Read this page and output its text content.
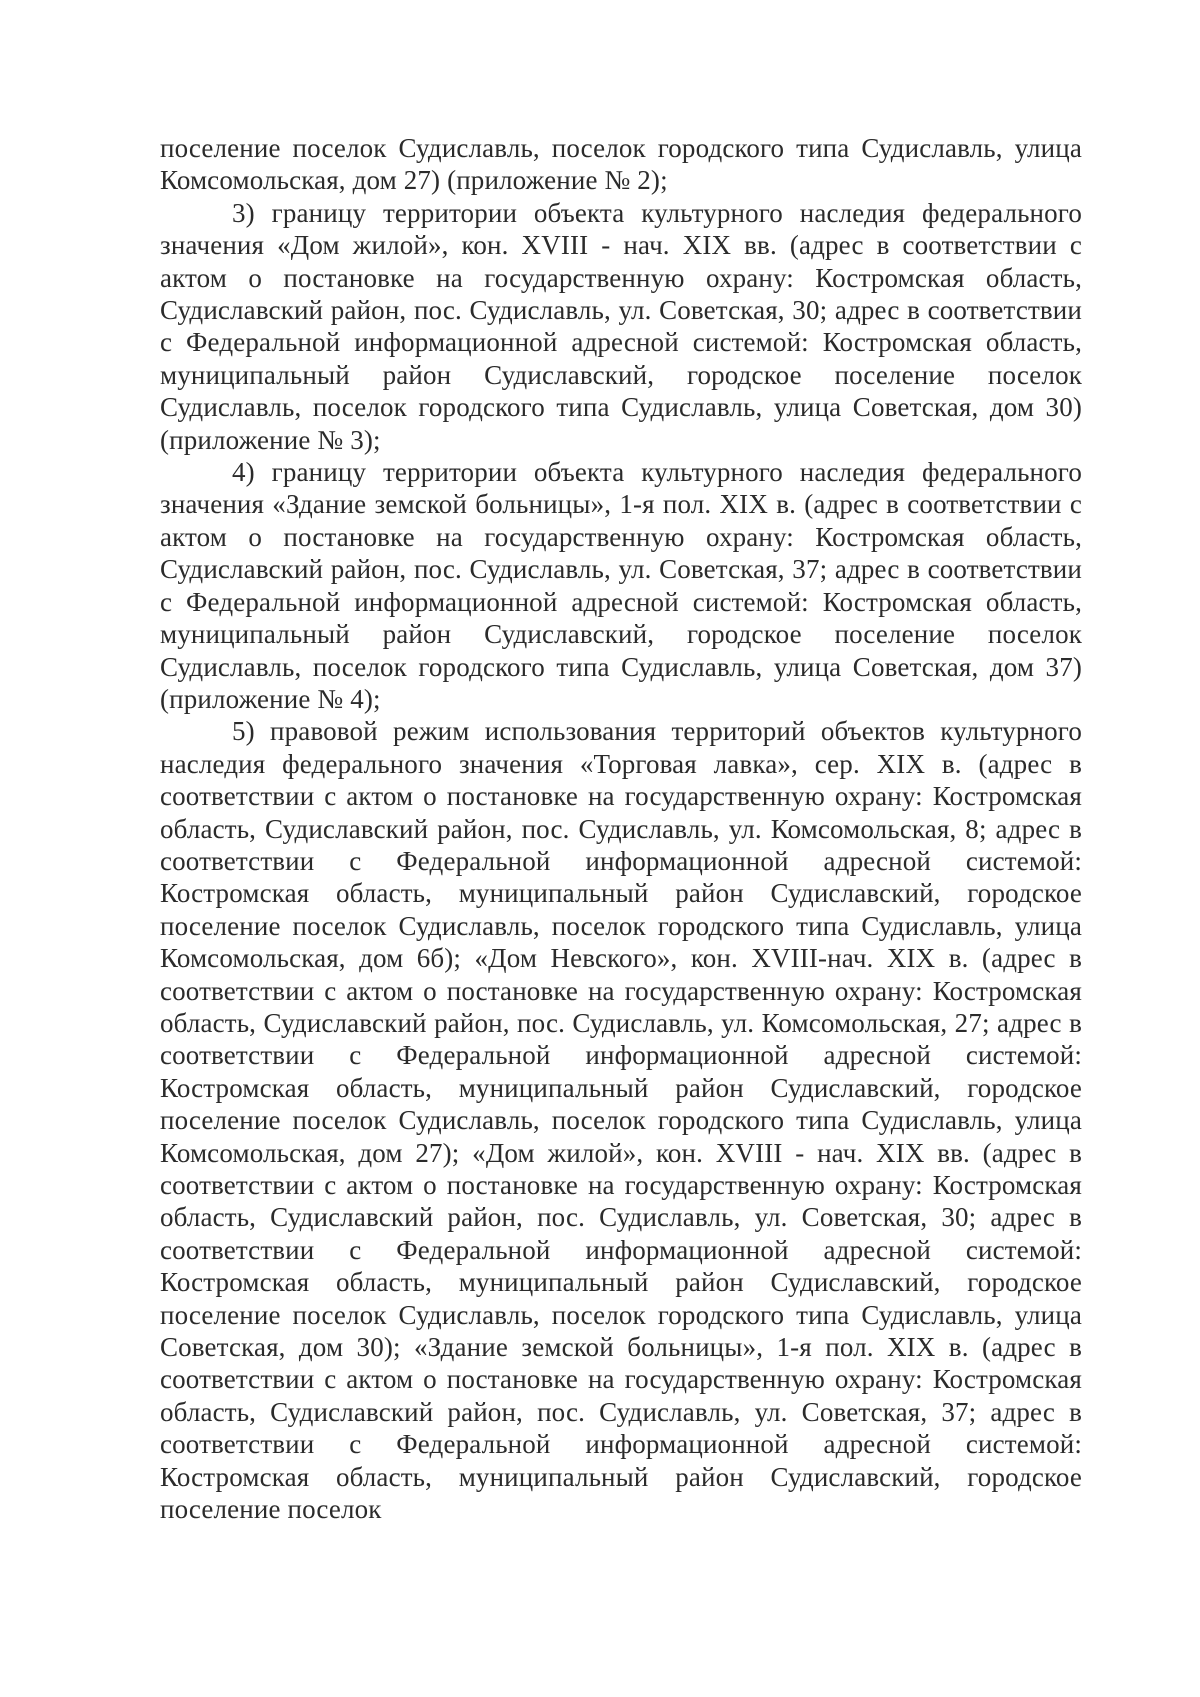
поселение поселок Судиславль, поселок городского типа Судиславль, улица Комсомольская, дом 27) (приложение № 2);

3) границу территории объекта культурного наследия федерального значения «Дом жилой», кон. XVIII - нач. XIX вв. (адрес в соответствии с актом о постановке на государственную охрану: Костромская область, Судиславский район, пос. Судиславль, ул. Советская, 30; адрес в соответствии с Федеральной информационной адресной системой: Костромская область, муниципальный район Судиславский, городское поселение поселок Судиславль, поселок городского типа Судиславль, улица Советская, дом 30) (приложение № 3);

4) границу территории объекта культурного наследия федерального значения «Здание земской больницы», 1-я пол. XIX в. (адрес в соответствии с актом о постановке на государственную охрану: Костромская область, Судиславский район, пос. Судиславль, ул. Советская, 37; адрес в соответствии с Федеральной информационной адресной системой: Костромская область, муниципальный район Судиславский, городское поселение поселок Судиславль, поселок городского типа Судиславль, улица Советская, дом 37) (приложение № 4);

5) правовой режим использования территорий объектов культурного наследия федерального значения «Торговая лавка», сер. XIX в. (адрес в соответствии с актом о постановке на государственную охрану: Костромская область, Судиславский район, пос. Судиславль, ул. Комсомольская, 8; адрес в соответствии с Федеральной информационной адресной системой: Костромская область, муниципальный район Судиславский, городское поселение поселок Судиславль, поселок городского типа Судиславль, улица Комсомольская, дом 6б); «Дом Невского», кон. XVIII-нач. XIX в. (адрес в соответствии с актом о постановке на государственную охрану: Костромская область, Судиславский район, пос. Судиславль, ул. Комсомольская, 27; адрес в соответствии с Федеральной информационной адресной системой: Костромская область, муниципальный район Судиславский, городское поселение поселок Судиславль, поселок городского типа Судиславль, улица Комсомольская, дом 27); «Дом жилой», кон. XVIII - нач. XIX вв. (адрес в соответствии с актом о постановке на государственную охрану: Костромская область, Судиславский район, пос. Судиславль, ул. Советская, 30; адрес в соответствии с Федеральной информационной адресной системой: Костромская область, муниципальный район Судиславский, городское поселение поселок Судиславль, поселок городского типа Судиславль, улица Советская, дом 30); «Здание земской больницы», 1-я пол. XIX в. (адрес в соответствии с актом о постановке на государственную охрану: Костромская область, Судиславский район, пос. Судиславль, ул. Советская, 37; адрес в соответствии с Федеральной информационной адресной системой: Костромская область, муниципальный район Судиславский, городское поселение поселок
